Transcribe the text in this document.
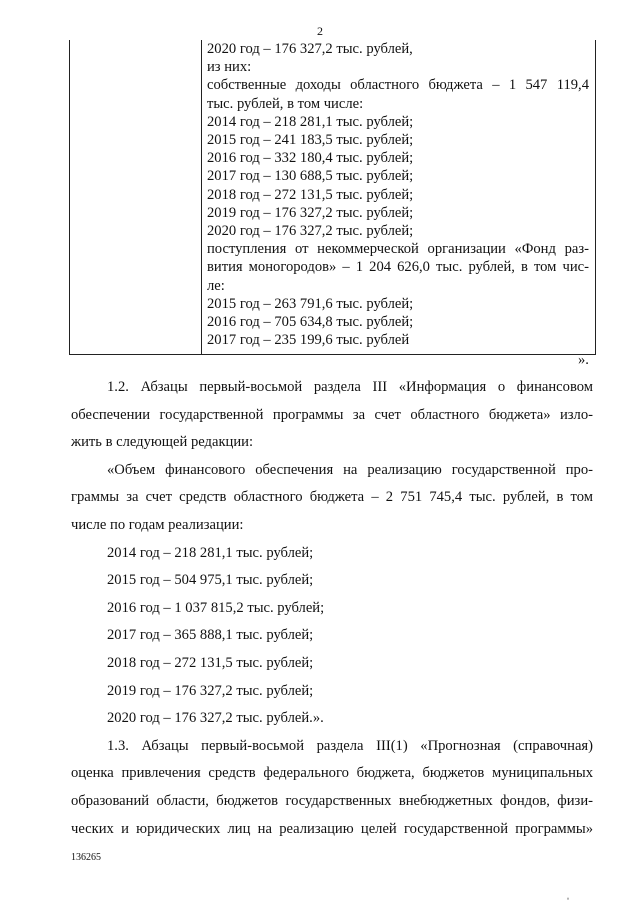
2
2020 год – 176 327,2 тыс. рублей,
из них:
собственные доходы областного бюджета – 1 547 119,4
тыс. рублей, в том числе:
2014 год – 218 281,1 тыс. рублей;
2015 год – 241 183,5 тыс. рублей;
2016 год – 332 180,4 тыс. рублей;
2017 год – 130 688,5 тыс. рублей;
2018 год – 272 131,5 тыс. рублей;
2019 год – 176 327,2 тыс. рублей;
2020 год – 176 327,2 тыс. рублей;
поступления от некоммерческой организации «Фонд раз-
вития моногородов» – 1 204 626,0 тыс. рублей, в том чис-
ле:
2015 год – 263 791,6 тыс. рублей;
2016 год – 705 634,8 тыс. рублей;
2017 год – 235 199,6 тыс. рублей
».

1.2. Абзацы первый-восьмой раздела III «Информация о финансовом

обеспечении государственной программы за счет областного бюджета» изло-

жить в следующей редакции:

«Объем финансового обеспечения на реализацию государственной про-

граммы за счет средств областного бюджета – 2 751 745,4 тыс. рублей, в том

числе по годам реализации:

2014 год – 218 281,1 тыс. рублей;

2015 год – 504 975,1 тыс. рублей;

2016 год – 1 037 815,2 тыс. рублей;

2017 год – 365 888,1 тыс. рублей;

2018 год – 272 131,5 тыс. рублей;

2019 год – 176 327,2 тыс. рублей;

2020 год – 176 327,2 тыс. рублей.».

1.3. Абзацы первый-восьмой раздела III(1) «Прогнозная (справочная)

оценка привлечения средств федерального бюджета, бюджетов муниципальных

образований области, бюджетов государственных внебюджетных фондов, физи-

ческих и юридических лиц на реализацию целей государственной программы»

136265
ᵢᵢ
